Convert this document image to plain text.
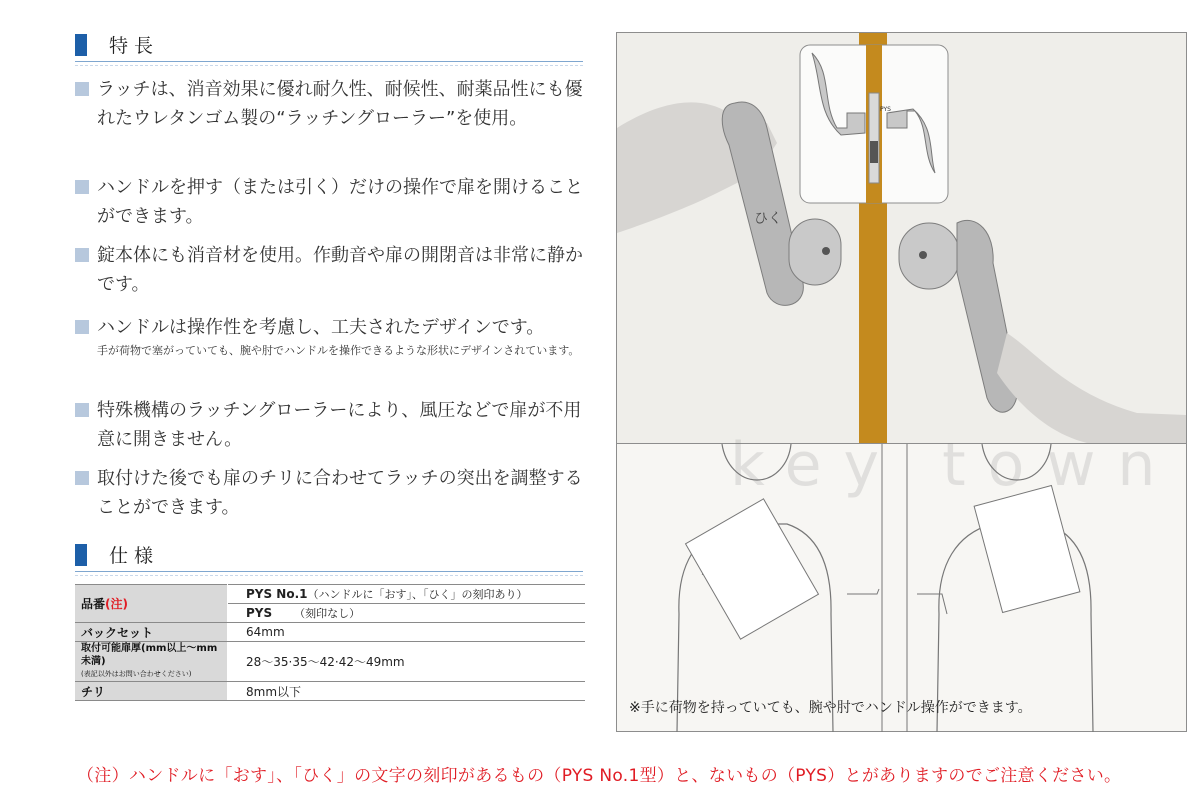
特長
ラッチは、消音効果に優れ耐久性、耐候性、耐薬品性にも優れたウレタンゴム製の“ラッチングローラー”を使用。
ハンドルを押す（または引く）だけの操作で扉を開けることができます。
錠本体にも消音材を使用。作動音や扉の開閉音は非常に静かです。
ハンドルは操作性を考慮し、工夫されたデザインです。
手が荷物で塞がっていても、腕や肘でハンドルを操作できるような形状にデザインされています。
特殊機構のラッチングローラーにより、風圧などで扉が不用意に開きません。
取付けた後でも扉のチリに合わせてラッチの突出を調整することができます。
仕様
品番(注)	PYS No.1（ハンドルに「おす」、「ひく」の刻印あり）
	PYS （刻印なし）
バックセット	64mm

取付可能扉厚(mm以上〜mm未満)
(表記以外はお問い合わせください)	28〜35·35〜42·42〜49mm
チリ	8mm以下
PYS
ひく
※手に荷物を持っていても、腕や肘でハンドル操作ができます。
key town
（注）ハンドルに「おす」、「ひく」の文字の刻印があるもの（PYS No.1型）と、ないもの（PYS）とがありますのでご注意ください。
